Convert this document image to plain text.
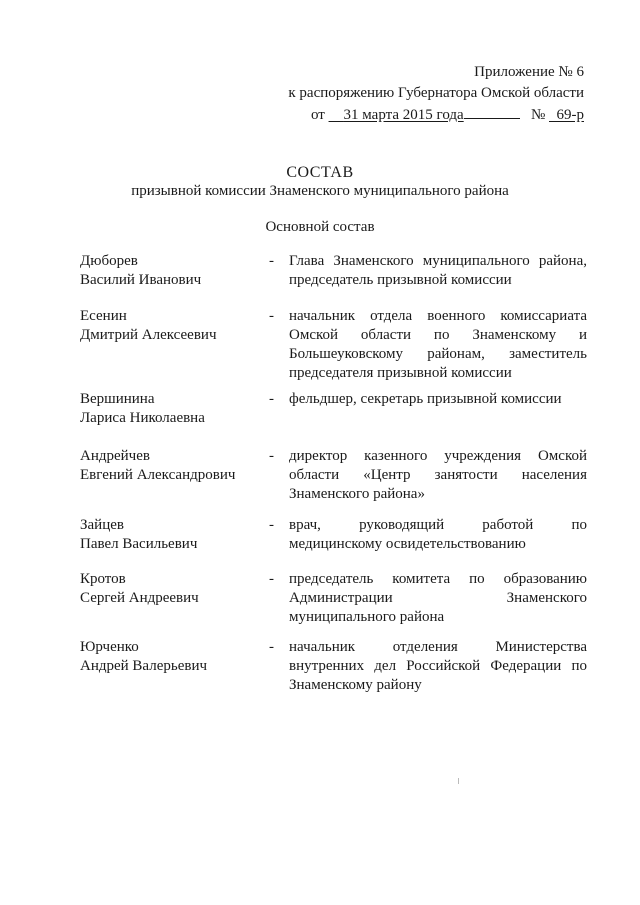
Приложение № 6
к распоряжению Губернатора Омской области
от 31 марта 2015 года	№ 69-р
СОСТАВ
призывной комиссии Знаменского муниципального района
Основной состав
Дюборев
Василий Иванович
- Глава Знаменского муниципального района,
председатель призывной комиссии
Есенин
Дмитрий Алексеевич
- начальник отдела военного комиссариата
Омской области по Знаменскому и
Большеуковскому районам, заместитель
председателя призывной комиссии
Вершинина
Лариса Николаевна
- фельдшер, секретарь призывной комиссии
Андрейчев
Евгений Александрович
- директор казенного учреждения Омской
области «Центр занятости населения
Знаменского района»
Зайцев
Павел Васильевич
- врач, руководящий работой по
медицинскому освидетельствованию
Кротов
Сергей Андреевич
- председатель комитета по образованию
Администрации Знаменского
муниципального района
Юрченко
Андрей Валерьевич
- начальник отделения Министерства
внутренних дел Российской Федерации по
Знаменскому району
